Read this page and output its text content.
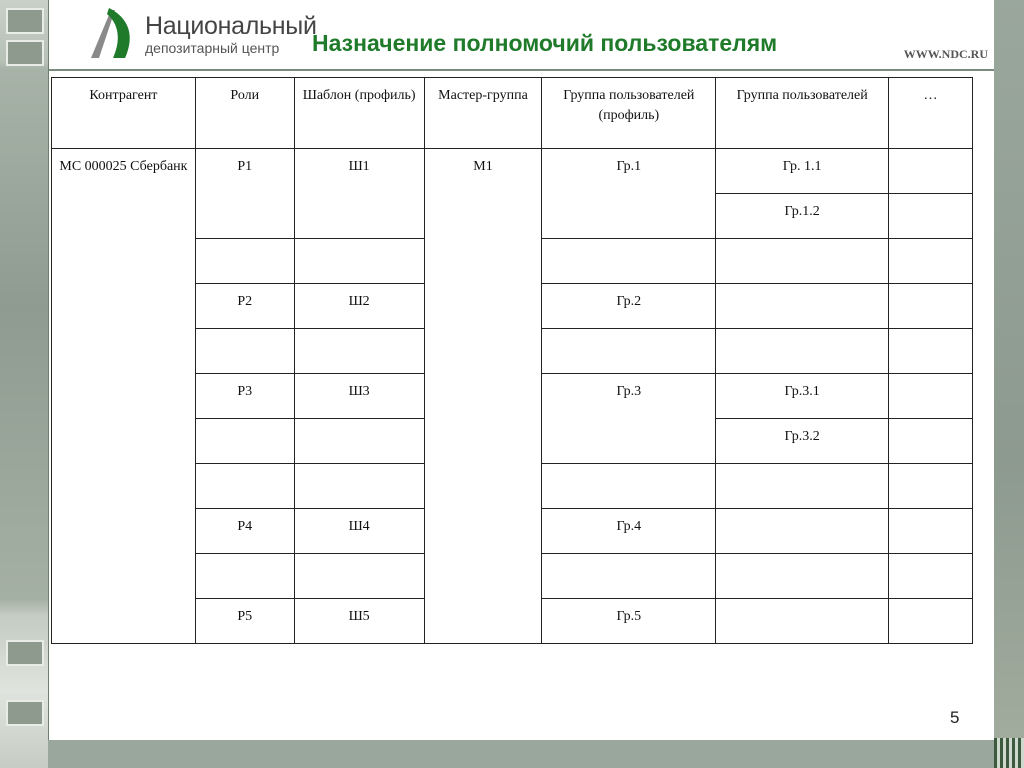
Национальный
депозитарный центр Назначение полномочий пользователям	WWW.NDC.RU
Контрагент	Роли	Шаблон (профиль)	Мастер-группа	Группа пользователей (профиль)	Группа пользователей	…
МС 000025 Сбербанк	Р1	Ш1	М1	Гр.1	Гр. 1.1	
					Гр.1.2	

	Р2	Ш2		Гр.2		

	Р3	Ш3		Гр.3	Гр.3.1	
					Гр.3.2	

	Р4	Ш4		Гр.4		

	Р5	Ш5		Гр.5		
5
